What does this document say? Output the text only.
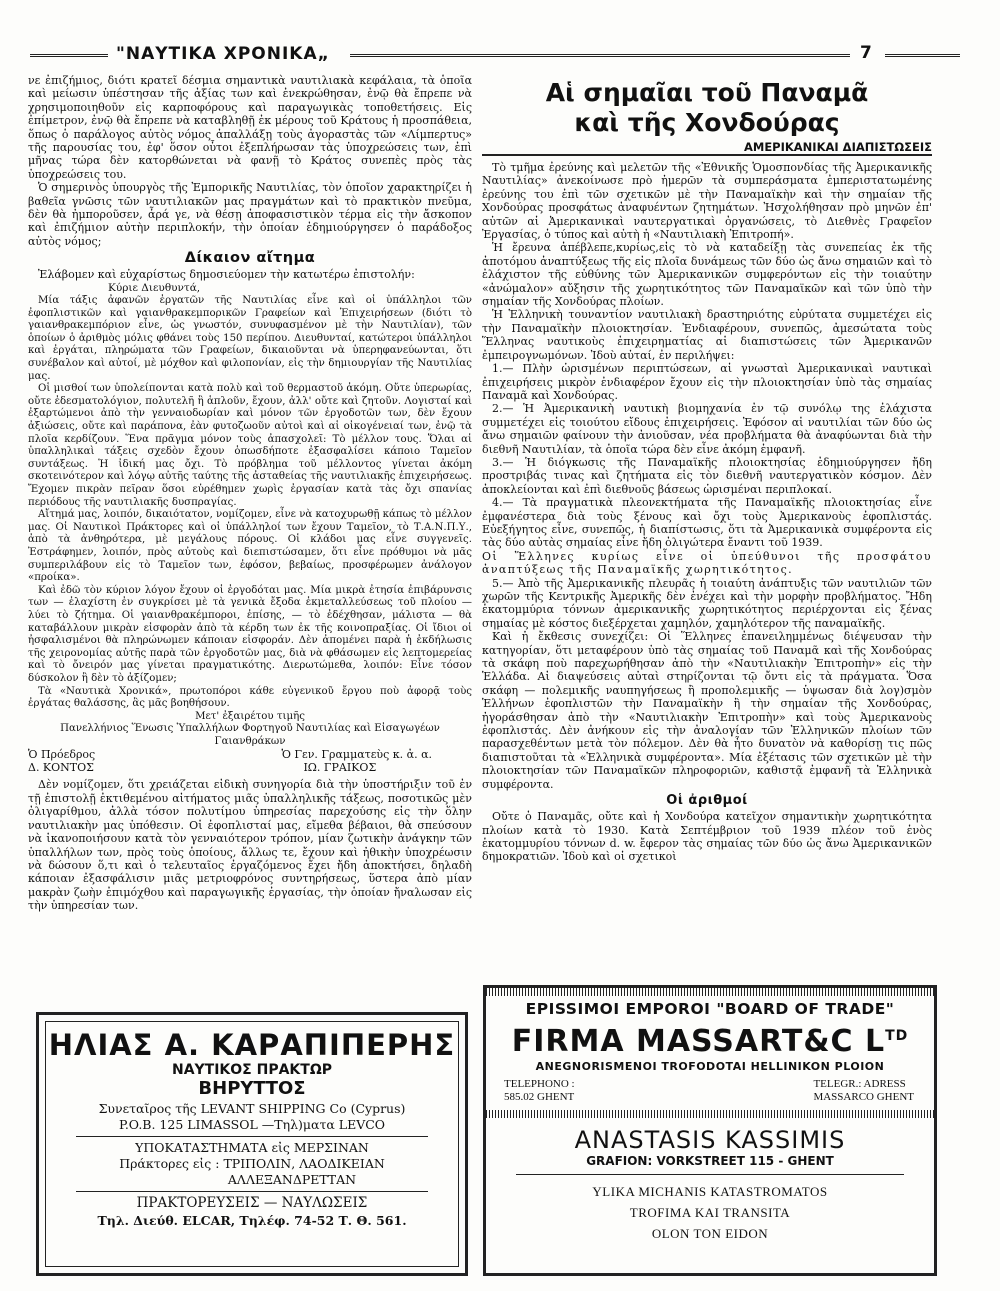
"ΝΑΥΤΙΚΑ ΧΡΟΝΙΚΑ„	7

νε ἐπιζήμιος, διότι κρατεῖ δέσμια σημαντικὰ ναυτιλιακὰ κεφάλαια, τὰ ὁποῖα καὶ μείωσιν ὑπέστησαν τῆς ἀξίας των καὶ ἐνεκρώθησαν, ἐνῷ θὰ ἔπρεπε νὰ χρησιμοποιηθοῦν εἰς καρποφόρους καὶ παραγωγικὰς τοποθετήσεις. Εἰς ἐπίμετρον, ἐνῷ θὰ ἔπρεπε νὰ καταβληθῇ ἐκ μέρους τοῦ Κράτους ἡ προσπάθεια, ὅπως ὁ παράλογος αὐτὸς νόμος ἀπαλλάξῃ τοὺς ἀγοραστὰς τῶν «Λίμπερτυς» τῆς παρουσίας του, ἐφ' ὅσον οὗτοι ἐξεπλήρωσαν τὰς ὑποχρεώσεις των, ἐπὶ μῆνας τώρα δὲν κατορθώνεται νὰ φανῇ τὸ Κράτος συνεπὲς πρὸς τὰς ὑποχρεώσεις του.

Ὁ σημερινὸς ὑπουργὸς τῆς Ἐμπορικῆς Ναυτιλίας, τὸν ὁποῖον χαρακτηρίζει ἡ βαθεῖα γνῶσις τῶν ναυτιλιακῶν μας πραγμάτων καὶ τὸ πρακτικὸν πνεῦμα, δὲν θὰ ἠμποροῦσεν, ἆρά γε, νὰ θέσῃ ἀποφασιστικὸν τέρμα εἰς τὴν ἄσκοπον καὶ ἐπιζήμιον αὐτὴν περιπλοκήν, τὴν ὁποίαν ἐδημιούργησεν ὁ παράδοξος αὐτὸς νόμος;

Δίκαιον αἴτημα

Ἐλάβομεν καὶ εὐχαρίστως δημοσιεύομεν τὴν κατωτέρω ἐπιστολήν:

Κύριε Διευθυντά,

Μία τάξις ἀφανῶν ἐργατῶν τῆς Ναυτιλίας εἶνε καὶ οἱ ὑπάλληλοι τῶν ἐφοπλιστικῶν καὶ γαιανθρακεμπορικῶν Γραφείων καὶ Ἐπιχειρήσεων (διότι τὸ γαιανθρακεμπόριον εἶνε, ὡς γνωστόν, συνυφασμένον μὲ τὴν Ναυτιλίαν), τῶν ὁποίων ὁ ἀριθμὸς μόλις φθάνει τοὺς 150 περίπου. Διευθυνταί, κατώτεροι ὑπάλληλοι καὶ ἐργάται, πληρώματα τῶν Γραφείων, δικαιοῦνται νὰ ὑπερηφανεύωνται, ὅτι συνέβαλον καὶ αὐτοί, μὲ μόχθον καὶ φιλοπονίαν, εἰς τὴν δημιουργίαν τῆς Ναυτιλίας μας.

Οἱ μισθοί των ὑπολείπονται κατὰ πολὺ καὶ τοῦ θερμαστοῦ ἀκόμη. Οὔτε ὑπερωρίας, οὔτε ἐδεσματολόγιον, πολυτελῆ ἢ ἁπλοῦν, ἔχουν, ἀλλ' οὔτε καὶ ζητοῦν. Λογισταί καὶ ἐξαρτώμενοι ἀπὸ τὴν γενναιοδωρίαν καὶ μόνον τῶν ἐργοδοτῶν των, δὲν ἔχουν ἀξιώσεις, οὔτε καὶ παράπονα, ἐὰν φυτοζωοῦν αὐτοὶ καὶ αἱ οἰκογένειαί των, ἐνῷ τὰ πλοῖα κερδίζουν. Ἕνα πρᾶγμα μόνον τοὺς ἀπασχολεῖ: Τὸ μέλλον τους. Ὅλαι αἱ ὑπαλληλικαὶ τάξεις σχεδὸν ἔχουν ὁπωσδήποτε ἐξασφαλίσει κάποιο Ταμεῖον συντάξεως. Ἡ ἰδική μας ὄχι. Τὸ πρόβλημα τοῦ μέλλοντος γίνεται ἀκόμη σκοτεινότερον καὶ λόγῳ αὐτῆς ταύτης τῆς ἀσταθείας τῆς ναυτιλιακῆς ἐπιχειρήσεως. Ἔχομεν πικρὰν πεῖραν ὅσοι εὑρέθημεν χωρὶς ἐργασίαν κατὰ τὰς ὄχι σπανίας περιόδους τῆς ναυτιλιακῆς δυσπραγίας.

Αἴτημά μας, λοιπόν, δικαιότατον, νομίζομεν, εἶνε νὰ κατοχυρωθῇ κάπως τὸ μέλλον μας. Οἱ Ναυτικοὶ Πράκτορες καὶ οἱ ὑπάλληλοί των ἔχουν Ταμεῖον, τὸ Τ.Α.Ν.Π.Υ., ἀπὸ τὰ ἀνθηρότερα, μὲ μεγάλους πόρους. Οἱ κλάδοι μας εἶνε συγγενεῖς. Ἐστράφημεν, λοιπόν, πρὸς αὐτοὺς καὶ διεπιστώσαμεν, ὅτι εἶνε πρόθυμοι νὰ μᾶς συμπεριλάβουν εἰς τὸ Ταμεῖον των, ἐφόσον, βεβαίως, προσφέρωμεν ἀνάλογον «προίκα».

Καὶ ἐδῶ τὸν κύριον λόγον ἔχουν οἱ ἐργοδόται μας. Μία μικρὰ ἐτησία ἐπιβάρυνσις των — ἐλαχίστη ἐν συγκρίσει μὲ τὰ γενικὰ ἔξοδα ἐκμεταλλεύσεως τοῦ πλοίου — λύει τὸ ζήτημα. Οἱ γαιανθρακέμποροι, ἐπίσης, — τὸ ἐδέχθησαν, μάλιστα — θὰ καταβάλλουν μικρὰν εἰσφορὰν ἀπὸ τὰ κέρδη των ἐκ τῆς κοινοπραξίας. Οἱ ἴδιοι οἱ ἠσφαλισμένοι θὰ πληρώνωμεν κάποιαν εἰσφοράν. Δὲν ἀπομένει παρὰ ἡ ἐκδήλωσις τῆς χειρονομίας αὐτῆς παρὰ τῶν ἐργοδοτῶν μας, διὰ νὰ φθάσωμεν εἰς λεπτομερείας καὶ τὸ ὄνειρόν μας γίνεται πραγματικότης. Διερωτώμεθα, λοιπόν: Εἶνε τόσον δύσκολον ἢ δὲν τὸ ἀξίζομεν;

Τὰ «Ναυτικὰ Χρονικά», πρωτοπόροι κάθε εὐγενικοῦ ἔργου ποὺ ἀφορᾷ τοὺς ἐργάτας θαλάσσης, ἂς μᾶς βοηθήσουν.

Μετ' ἐξαιρέτου τιμῆς

Πανελλήνιος Ἕνωσις Ὑπαλλήλων Φορτηγοῦ Ναυτιλίας καὶ Εἰσαγωγέων Γαιανθράκων

Ὁ Πρόεδρος
Δ. ΚΟΝΤΟΣ
Ὁ Γεν. Γραμματεὺς κ. ἀ. α.
ΙΩ. ΓΡΑΙΚΟΣ

Δὲν νομίζομεν, ὅτι χρειάζεται εἰδικὴ συνηγορία διὰ τὴν ὑποστήριξιν τοῦ ἐν τῇ ἐπιστολῇ ἐκτιθεμένου αἰτήματος μιᾶς ὑπαλληλικῆς τάξεως, ποσοτικῶς μὲν ὀλιγαρίθμου, ἀλλὰ τόσον πολυτίμου ὑπηρεσίας παρεχούσης εἰς τὴν ὅλην ναυτιλιακὴν μας ὑπόθεσιν. Οἱ ἐφοπλισταί μας, εἴμεθα βέβαιοι, θὰ σπεύσουν νὰ ἱκανοποιήσουν κατὰ τὸν γενναιότερον τρόπον, μίαν ζωτικὴν ἀνάγκην τῶν ὑπαλλήλων των, πρὸς τοὺς ὁποίους, ἄλλως τε, ἔχουν καὶ ἠθικὴν ὑποχρέωσιν νὰ δώσουν ὅ,τι καὶ ὁ τελευταῖος ἐργαζόμενος ἔχει ἤδη ἀποκτήσει, δηλαδὴ κάποιαν ἐξασφάλισιν μιᾶς μετριοφρόνος συντηρήσεως, ὕστερα ἀπὸ μίαν μακρὰν ζωὴν ἐπιμόχθου καὶ παραγωγικῆς ἐργασίας, τὴν ὁποίαν ἤναλωσαν εἰς τὴν ὑπηρεσίαν των.

Αἱ σημαῖαι τοῦ Παναμᾶ
καὶ τῆς Χονδούρας
ΑΜΕΡΙΚΑΝΙΚΑΙ ΔΙΑΠΙΣΤΩΣΕΙΣ

Τὸ τμῆμα ἐρεύνης καὶ μελετῶν τῆς «Ἐθνικῆς Ὁμοσπονδίας τῆς Ἀμερικανικῆς Ναυτιλίας» ἀνεκοίνωσε πρὸ ἡμερῶν τὰ συμπεράσματα ἐμπεριστατωμένης ἐρεύνης του ἐπὶ τῶν σχετικῶν μὲ τὴν Παναμαϊκὴν καὶ τὴν σημαίαν τῆς Χονδούρας προσφάτως ἀναφυέντων ζητημάτων. Ἠσχολήθησαν πρὸ μηνῶν ἐπ' αὐτῶν αἱ Ἀμερικανικαὶ ναυτεργατικαὶ ὀργανώσεις, τὸ Διεθνὲς Γραφεῖον Ἐργασίας, ὁ τύπος καὶ αὐτὴ ἡ «Ναυτιλιακὴ Ἐπιτροπή».

Ἡ ἔρευνα ἀπέβλεπε,κυρίως,εἰς τὸ νὰ καταδείξῃ τὰς συνεπείας ἐκ τῆς ἀποτόμου ἀναπτύξεως τῆς εἰς πλοῖα δυνάμεως τῶν δύο ὡς ἄνω σημαιῶν καὶ τὸ ἐλάχιστον τῆς εὐθύνης τῶν Ἀμερικανικῶν συμφερόντων εἰς τὴν τοιαύτην «ἀνώμαλον» αὔξησιν τῆς χωρητικότητος τῶν Παναμαϊκῶν καὶ τῶν ὑπὸ τὴν σημαίαν τῆς Χονδούρας πλοίων.

Ἡ Ἑλληνικὴ τουναντίον ναυτιλιακὴ δραστηριότης εὐρύτατα συμμετέχει εἰς τὴν Παναμαϊκὴν πλοιοκτησίαν. Ἐνδιαφέρουν, συνεπῶς, ἀμεσώτατα τοὺς Ἕλληνας ναυτικοὺς ἐπιχειρηματίας αἱ διαπιστώσεις τῶν Ἀμερικανῶν ἐμπειρογνωμόνων. Ἰδοὺ αὐταί, ἐν περιλήψει:

1.— Πλὴν ὡρισμένων περιπτώσεων, αἱ γνωσταὶ Ἀμερικανικαὶ ναυτικαὶ ἐπιχειρήσεις μικρὸν ἐνδιαφέρον ἔχουν εἰς τὴν πλοιοκτησίαν ὑπὸ τὰς σημαίας Παναμᾶ καὶ Χονδούρας.

2.— Ἡ Ἀμερικανικὴ ναυτικὴ βιομηχανία ἐν τῷ συνόλῳ της ἐλάχιστα συμμετέχει εἰς τοιούτου εἴδους ἐπιχειρήσεις. Ἐφόσον αἱ ναυτιλίαι τῶν δύο ὡς ἄνω σημαιῶν φαίνουν τὴν ἀνιοῦσαν, νέα προβλήματα θὰ ἀναφύωνται διὰ τὴν διεθνῆ Ναυτιλίαν, τὰ ὁποῖα τώρα δὲν εἶνε ἀκόμη ἐμφανῆ.

3.— Ἡ διόγκωσις τῆς Παναμαϊκῆς πλοιοκτησίας ἐδημιούργησεν ἤδη προστριβάς τινας καὶ ζητήματα εἰς τὸν διεθνῆ ναυτεργατικὸν κόσμον. Δὲν ἀποκλείονται καὶ ἐπὶ διεθνοῦς βάσεως ὡρισμέναι περιπλοκαί.

4.— Τὰ πραγματικὰ πλεονεκτήματα τῆς Παναμαϊκῆς πλοιοκτησίας εἶνε ἐμφανέστερα διὰ τοὺς ξένους καὶ ὄχι τοὺς Ἀμερικανοὺς ἐφοπλιστάς. Εὐεξήγητος εἶνε, συνεπῶς, ἡ διαπίστωσις, ὅτι τὰ Ἀμερικανικὰ συμφέροντα εἰς τὰς δύο αὐτὰς σημαίας εἶνε ἤδη ὀλιγώτερα ἔναντι τοῦ 1939.

Οἱ Ἕλληνες κυρίως εἶνε οἱ ὑπεύθυνοι τῆς προσφάτου ἀναπτύξεως τῆς Παναμαϊκῆς χωρητικότητος.

5.— Ἀπὸ τῆς Ἀμερικανικῆς πλευρᾶς ἡ τοιαύτη ἀνάπτυξις τῶν ναυτιλιῶν τῶν χωρῶν τῆς Κεντρικῆς Ἀμερικῆς δὲν ἐνέχει καὶ τὴν μορφὴν προβλήματος. Ἤδη ἑκατομμύρια τόννων ἀμερικανικῆς χωρητικότητος περιέρχονται εἰς ξένας σημαίας μὲ κόστος διεξέρχεται χαμηλόν, χαμηλότερον τῆς παναμαϊκῆς.

Καὶ ἡ ἔκθεσις συνεχίζει: Οἱ Ἕλληνες ἐπανειλημμένως διέψευσαν τὴν κατηγορίαν, ὅτι μεταφέρουν ὑπὸ τὰς σημαίας τοῦ Παναμᾶ καὶ τῆς Χονδούρας τὰ σκάφη ποὺ παρεχωρήθησαν ἀπὸ τὴν «Ναυτιλιακὴν Ἐπιτροπὴν» εἰς τὴν Ἑλλάδα. Αἱ διαψεύσεις αὐταὶ στηρίζονται τῷ ὄντι εἰς τὰ πράγματα. Ὅσα σκάφη — πολεμικῆς ναυπηγήσεως ἢ προπολεμικῆς — ὑψωσαν διὰ λογ)σμὸν Ἑλλήνων ἐφοπλιστῶν τὴν Παναμαϊκὴν ἢ τὴν σημαίαν τῆς Χονδούρας, ἠγοράσθησαν ἀπὸ τὴν «Ναυτιλιακὴν Ἐπιτροπὴν» καὶ τοὺς Ἀμερικανοὺς ἐφοπλιστάς. Δὲν ἀνήκουν εἰς τὴν ἀναλογίαν τῶν Ἑλληνικῶν πλοίων τῶν παρασχεθέντων μετὰ τὸν πόλεμον. Δὲν θὰ ἦτο δυνατὸν νὰ καθορίσῃ τις πῶς διαπιστοῦται τὰ «Ἑλληνικὰ συμφέροντα». Μία ἐξέτασις τῶν σχετικῶν μὲ τὴν πλοιοκτησίαν τῶν Παναμαϊκῶν πληροφοριῶν, καθιστᾷ ἐμφανῆ τὰ Ἑλληνικὰ συμφέροντα.

Οἱ ἀριθμοί

Οὔτε ὁ Παναμᾶς, οὔτε καὶ ἡ Χονδούρα κατεῖχον σημαντικὴν χωρητικότητα πλοίων κατὰ τὸ 1930. Κατὰ Σεπτέμβριον τοῦ 1939 πλέον τοῦ ἑνὸς ἑκατομμυρίου τόννων d. w. ἔφερον τὰς σημαίας τῶν δύο ὡς ἄνω Ἀμερικανικῶν δημοκρατιῶν. Ἰδοὺ καὶ οἱ σχετικοὶ

ΗΛΙΑΣ Α. ΚΑΡΑΠΙΠΕΡΗΣ
ΝΑΥΤΙΚΟΣ ΠΡΑΚΤΩΡ
ΒΗΡΥΤΤΟΣ
Συνεταῖρος τῆς LEVANT SHIPPING Co (Cyprus)
P.O.B. 125 LIMASSOL —Τηλ)ματα LEVCO
ΥΠΟΚΑΤΑΣΤΗΜΑΤΑ εἰς ΜΕΡΣΙΝΑΝ
Πράκτορες εἰς : ΤΡΙΠΟΛΙΝ, ΛΑΟΔΙΚΕΙΑΝ
ΑΛΛΕΞΑΝΔΡΕΤΤΑΝ
ΠΡΑΚΤΟΡΕΥΣΕΙΣ — ΝΑΥΛΩΣΕΙΣ
Τηλ. Διεύθ. ELCAR, Τηλέφ. 74-52 Τ. Θ. 561.
EPISSIMOI EMPOROI "BOARD OF TRADE"
FIRMA MASSART&C $L^{TD}$
ANEGNORISMENOI TROFODOTAI HELLINIKON PLOION
TELEPHONO :
585.02 GHENT
TELEGR.: ADRESS
MASSARCO GHENT
ANASTASIS KASSIMIS
GRAFION: VORKSTREET 115 - GHENT
YLIKA MICHANIS KATASTROMATOS
TROFIMA KAI TRANSITA
OLON TON EIDON
